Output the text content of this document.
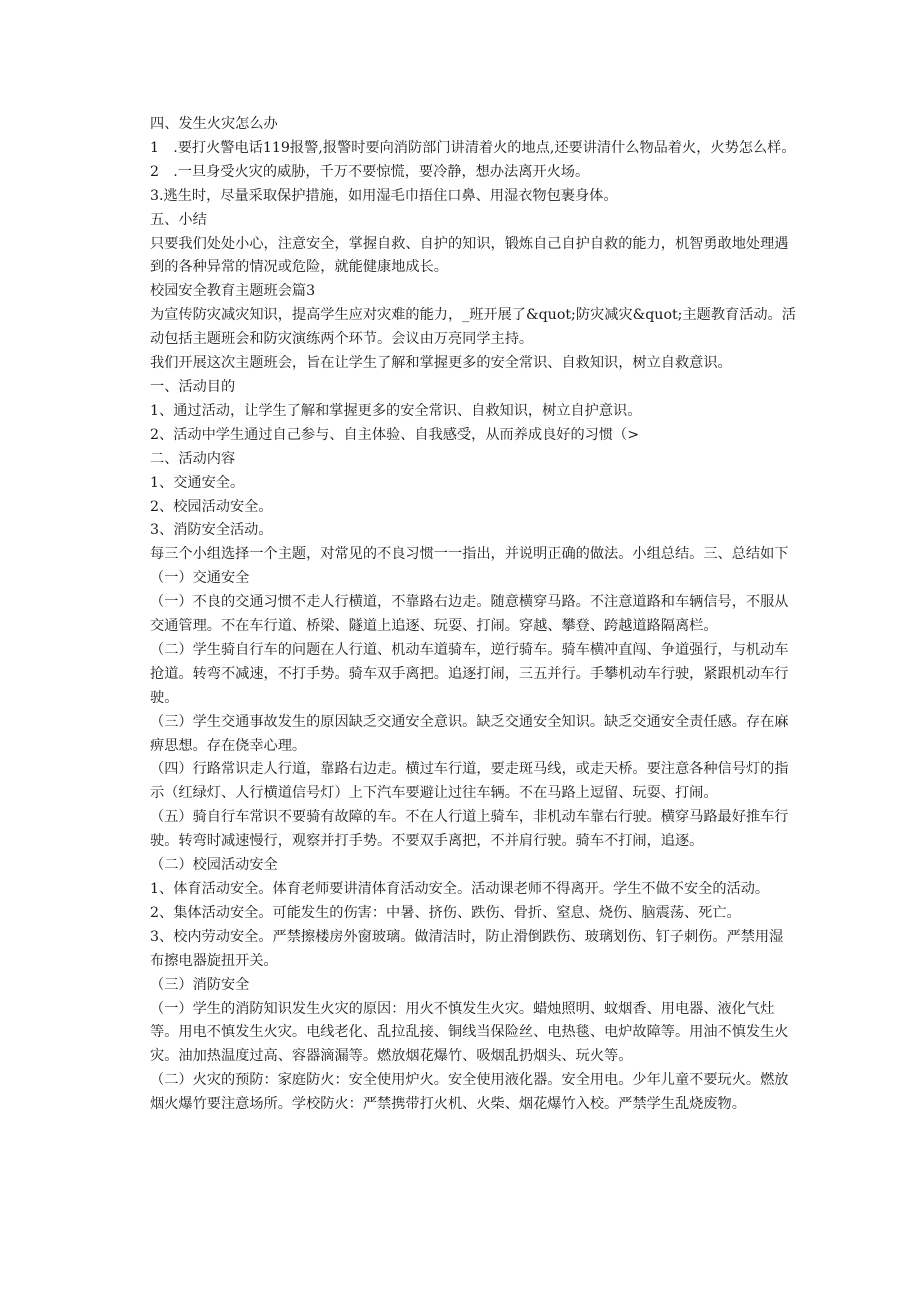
四、发生火灾怎么办

1　.要打火警电话119报警,报警时要向消防部门讲清着火的地点,还要讲清什么物品着火，火势怎么样。

2　.一旦身受火灾的威胁，千万不要惊慌，要冷静，想办法离开火场。

3.逃生时，尽量采取保护措施，如用湿毛巾捂住口鼻、用湿衣物包裹身体。

五、小结

只要我们处处小心，注意安全，掌握自救、自护的知识，锻炼自己自护自救的能力，机智勇敢地处理遇到的各种异常的情况或危险，就能健康地成长。

校园安全教育主题班会篇3

为宣传防灾减灾知识，提高学生应对灾难的能力，_班开展了&quot;防灾减灾&quot;主题教育活动。活动包括主题班会和防灾演练两个环节。会议由万亮同学主持。

我们开展这次主题班会，旨在让学生了解和掌握更多的安全常识、自救知识，树立自救意识。

一、活动目的

1、通过活动，让学生了解和掌握更多的安全常识、自救知识，树立自护意识。

2、活动中学生通过自己参与、自主体验、自我感受，从而养成良好的习惯（>

二、活动内容

1、交通安全。

2、校园活动安全。

3、消防安全活动。

每三个小组选择一个主题，对常见的不良习惯一一指出，并说明正确的做法。小组总结。三、总结如下

（一）交通安全

（一）不良的交通习惯不走人行横道，不靠路右边走。随意横穿马路。不注意道路和车辆信号，不服从交通管理。不在车行道、桥梁、隧道上追逐、玩耍、打闹。穿越、攀登、跨越道路隔离栏。

（二）学生骑自行车的问题在人行道、机动车道骑车，逆行骑车。骑车横冲直闯、争道强行，与机动车抢道。转弯不减速，不打手势。骑车双手离把。追逐打闹，三五并行。手攀机动车行驶，紧跟机动车行驶。

（三）学生交通事故发生的原因缺乏交通安全意识。缺乏交通安全知识。缺乏交通安全责任感。存在麻痹思想。存在侥幸心理。

（四）行路常识走人行道，靠路右边走。横过车行道，要走斑马线，或走天桥。要注意各种信号灯的指示（红绿灯、人行横道信号灯）上下汽车要避让过往车辆。不在马路上逗留、玩耍、打闹。

（五）骑自行车常识不要骑有故障的车。不在人行道上骑车，非机动车靠右行驶。横穿马路最好推车行驶。转弯时减速慢行，观察并打手势。不要双手离把，不并肩行驶。骑车不打闹，追逐。

（二）校园活动安全

1、体育活动安全。体育老师要讲清体育活动安全。活动课老师不得离开。学生不做不安全的活动。

2、集体活动安全。可能发生的伤害：中暑、挤伤、跌伤、骨折、窒息、烧伤、脑震荡、死亡。

3、校内劳动安全。严禁擦楼房外窗玻璃。做清洁时，防止滑倒跌伤、玻璃划伤、钉子刺伤。严禁用湿布擦电器旋扭开关。

（三）消防安全

（一）学生的消防知识发生火灾的原因：用火不慎发生火灾。蜡烛照明、蚊烟香、用电器、液化气灶等。用电不慎发生火灾。电线老化、乱拉乱接、铜线当保险丝、电热毯、电炉故障等。用油不慎发生火灾。油加热温度过高、容器滴漏等。燃放烟花爆竹、吸烟乱扔烟头、玩火等。

（二）火灾的预防：家庭防火：安全使用炉火。安全使用液化器。安全用电。少年儿童不要玩火。燃放烟火爆竹要注意场所。学校防火：严禁携带打火机、火柴、烟花爆竹入校。严禁学生乱烧废物。
